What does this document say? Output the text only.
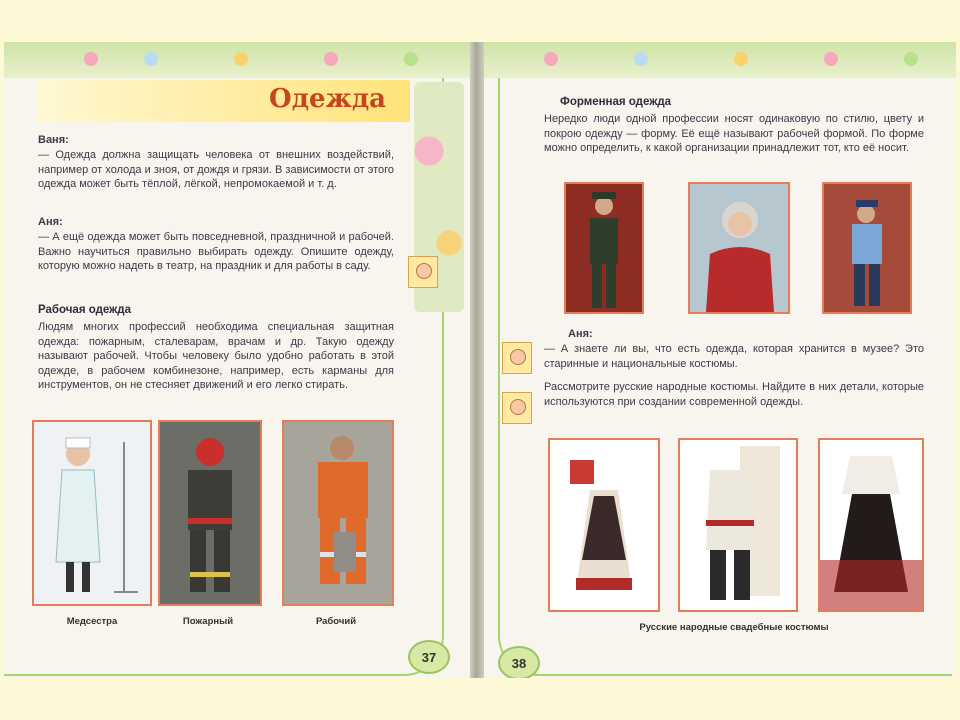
Одежда
Ваня:
— Одежда должна защищать человека от внешних воздействий, например от холода и зноя, от дождя и грязи. В зависимости от этого одежда может быть тёплой, лёгкой, непромокаемой и т. д.
Аня:
— А ещё одежда может быть повседневной, праздничной и рабочей. Важно научиться правильно выбирать одежду. Опишите одежду, которую можно надеть в театр, на праздник и для работы в саду.
Рабочая одежда
Людям многих профессий необходима специальная защитная одежда: пожарным, сталеварам, врачам и др. Такую одежду называют рабочей. Чтобы человеку было удобно работать в этой одежде, в рабочем комбинезоне, например, есть карманы для инструментов, он не стесняет движений и его легко стирать.
Медсестра	Пожарный	Рабочий
37
Форменная одежда
Нередко люди одной профессии носят одинаковую по стилю, цвету и покрою одежду — форму. Её ещё называют рабочей формой. По форме можно определить, к какой организации принадлежит тот, кто её носит.
Аня:
— А знаете ли вы, что есть одежда, которая хранится в музее? Это старинные и национальные костюмы.
Рассмотрите русские народные костюмы. Найдите в них детали, которые используются при создании современной одежды.
Русские народные свадебные костюмы
38
